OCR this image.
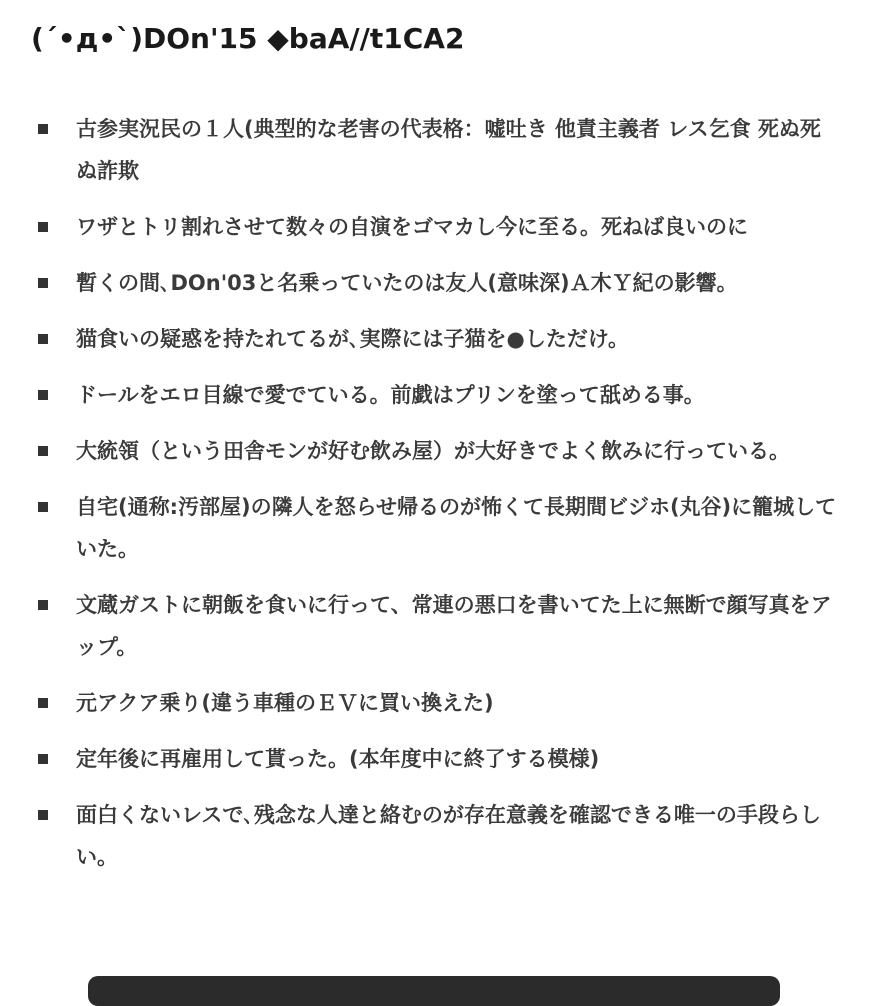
(´•д•`)DOn'15 ◆baA//t1CA2
古参実況民の１人(典型的な老害の代表格：嘘吐き 他責主義者 レス乞食 死ぬ死ぬ詐欺
ワザとトリ割れさせて数々の自演をゴマカし今に至る。死ねば良いのに
暫くの間､DOn'03と名乗っていたのは友人(意味深)Ａ木Ｙ紀の影響。
猫食いの疑惑を持たれてるが､実際には子猫を●しただけ。
ドールをエロ目線で愛でている。前戯はプリンを塗って舐める事。
大統領（という田舎モンが好む飲み屋）が大好きでよく飲みに行っている。
自宅(通称:汚部屋)の隣人を怒らせ帰るのが怖くて長期間ビジホ(丸谷)に籠城していた。
文蔵ガストに朝飯を食いに行って、常連の悪口を書いてた上に無断で顔写真をアップ。
元アクア乗り(違う車種のＥＶに買い換えた)
定年後に再雇用して貰った。(本年度中に終了する模様)
面白くないレスで､残念な人達と絡むのが存在意義を確認できる唯一の手段らしい。
